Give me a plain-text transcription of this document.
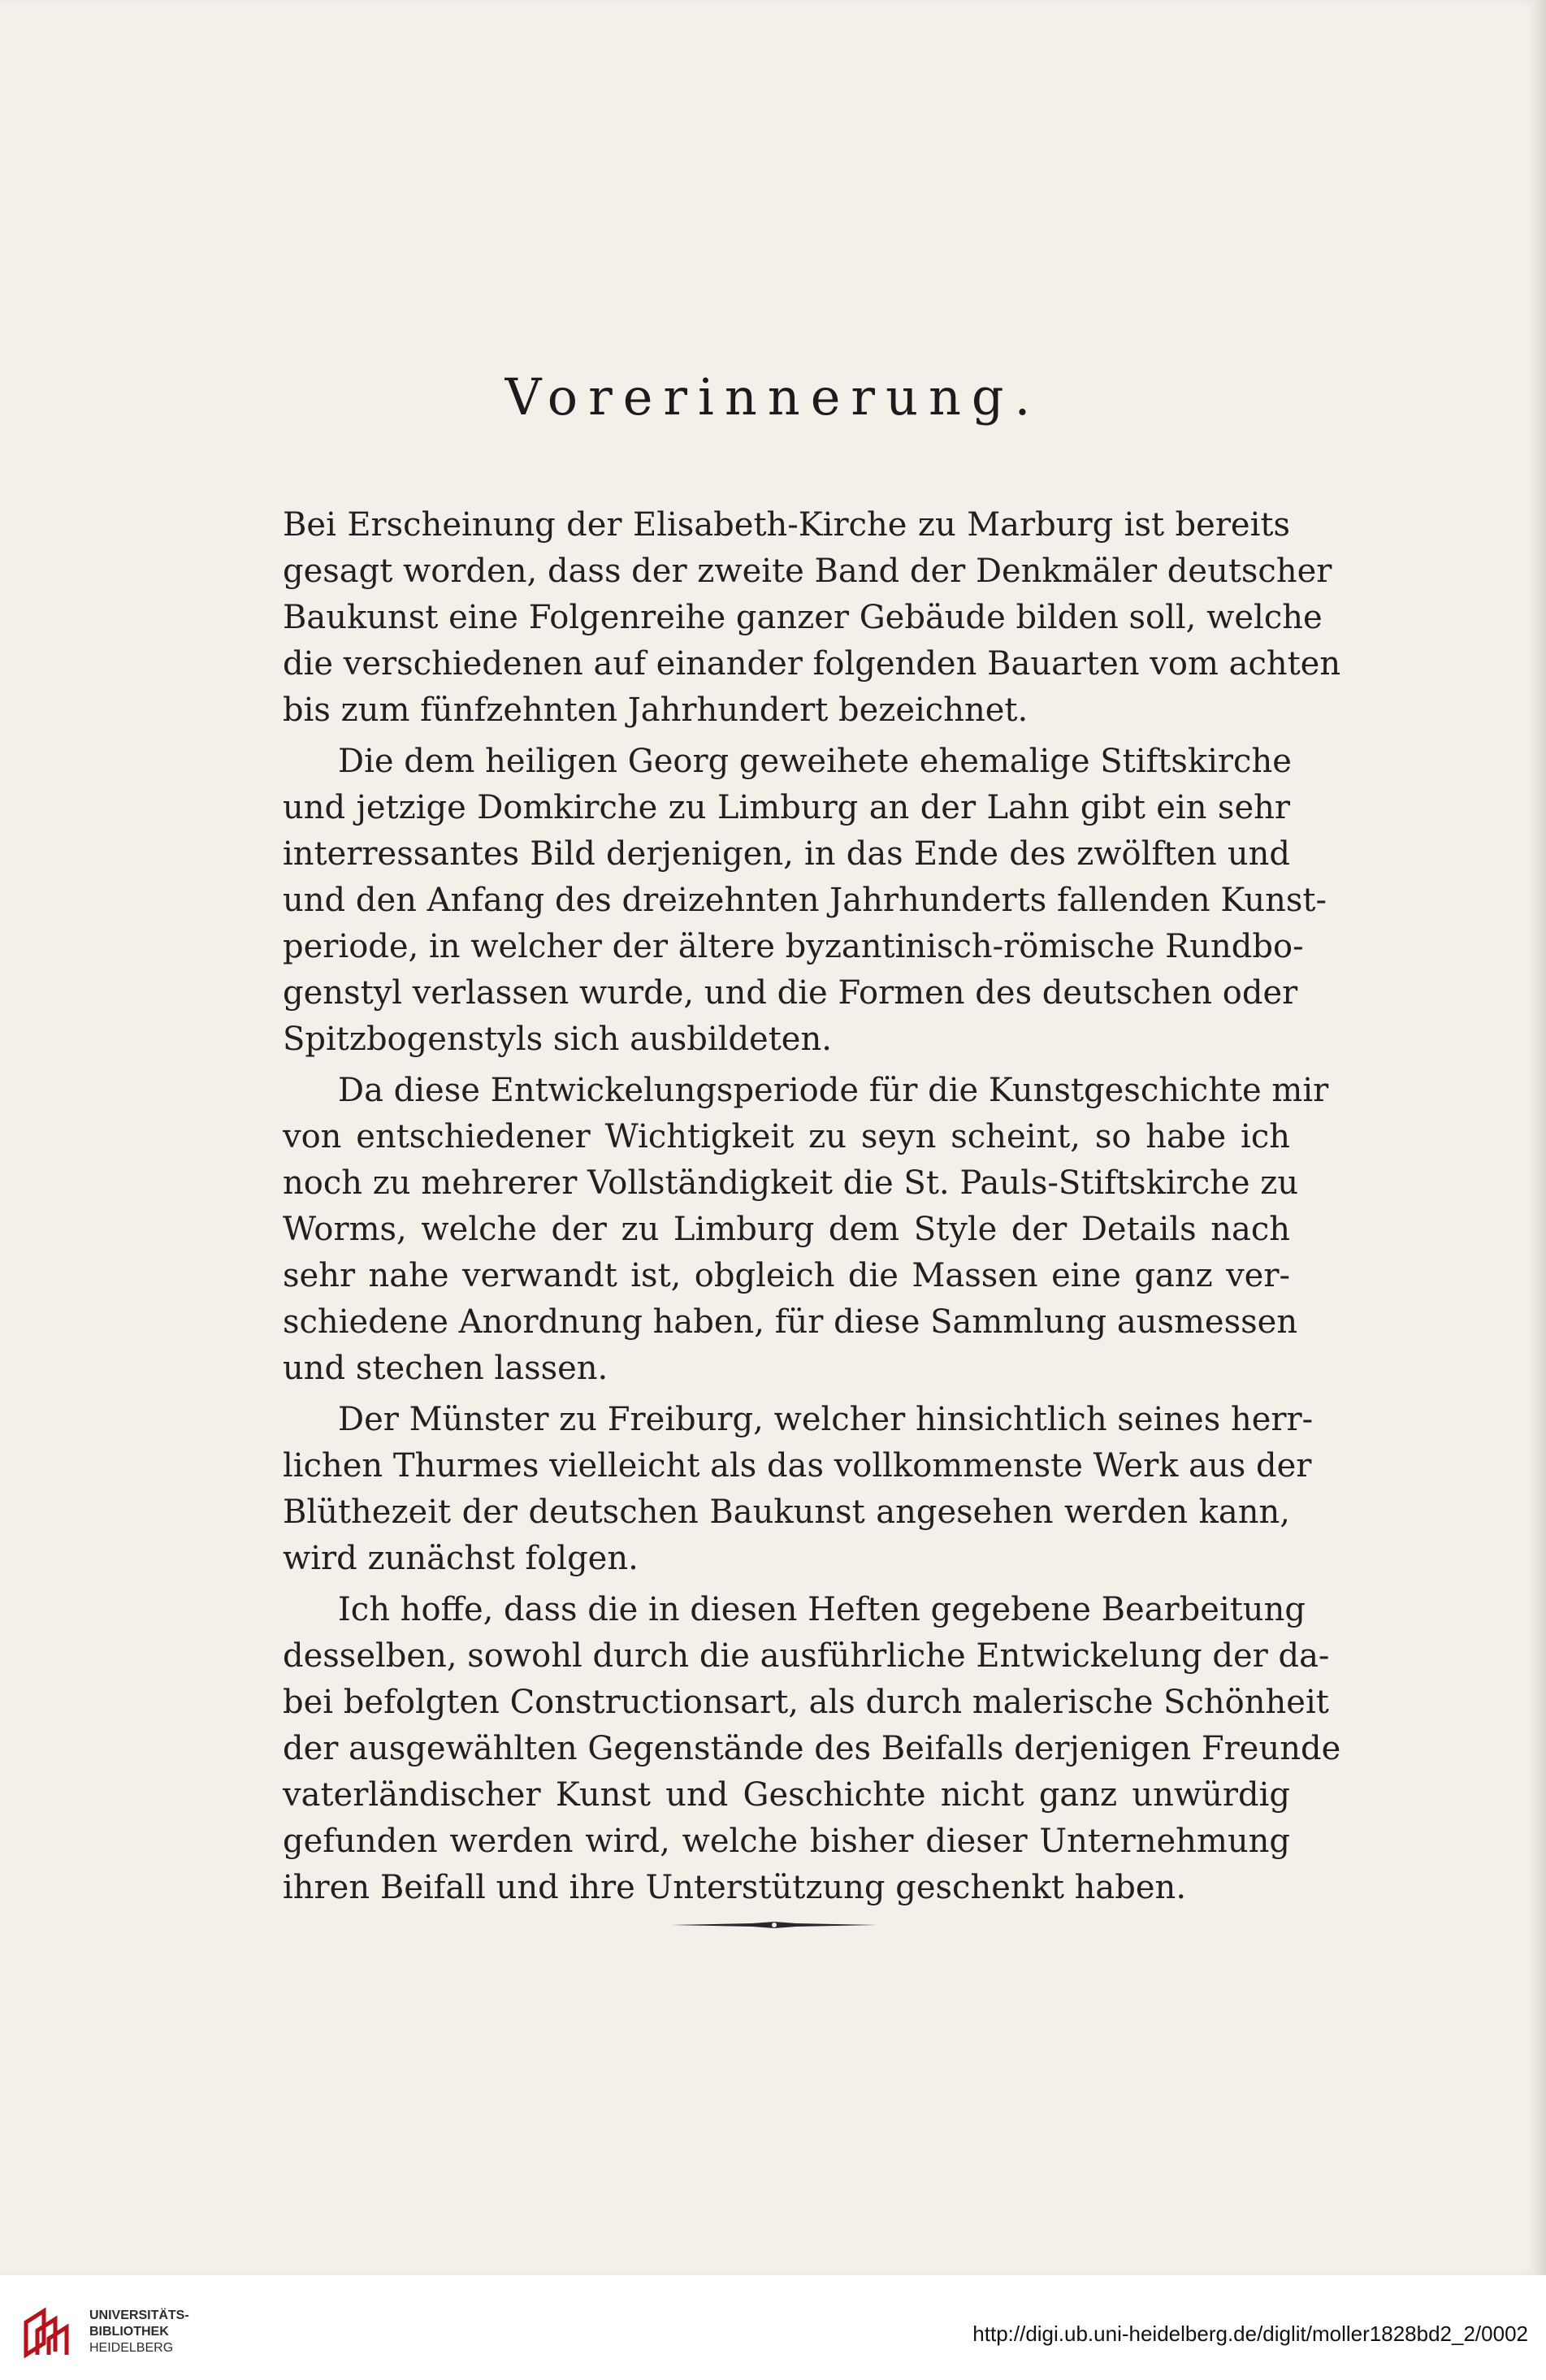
Vorerinnerung.
Bei Erscheinung der Elisabeth-Kirche zu Marburg ist bereits
gesagt worden, dass der zweite Band der Denkmäler deutscher
Baukunst eine Folgenreihe ganzer Gebäude bilden soll, welche
die verschiedenen auf einander folgenden Bauarten vom achten
bis zum fünfzehnten Jahrhundert bezeichnet.
Die dem heiligen Georg geweihete ehemalige Stiftskirche
und jetzige Domkirche zu Limburg an der Lahn gibt ein sehr
interressantes Bild derjenigen, in das Ende des zwölften und
und den Anfang des dreizehnten Jahrhunderts fallenden Kunst-
periode, in welcher der ältere byzantinisch-römische Rundbo-
genstyl verlassen wurde, und die Formen des deutschen oder
Spitzbogenstyls sich ausbildeten.
Da diese Entwickelungsperiode für die Kunstgeschichte mir
von entschiedener Wichtigkeit zu seyn scheint, so habe ich
noch zu mehrerer Vollständigkeit die St. Pauls-Stiftskirche zu
Worms, welche der zu Limburg dem Style der Details nach
sehr nahe verwandt ist, obgleich die Massen eine ganz ver-
schiedene Anordnung haben, für diese Sammlung ausmessen
und stechen lassen.
Der Münster zu Freiburg, welcher hinsichtlich seines herr-
lichen Thurmes vielleicht als das vollkommenste Werk aus der
Blüthezeit der deutschen Baukunst angesehen werden kann,
wird zunächst folgen.
Ich hoffe, dass die in diesen Heften gegebene Bearbeitung
desselben, sowohl durch die ausführliche Entwickelung der da-
bei befolgten Constructionsart, als durch malerische Schönheit
der ausgewählten Gegenstände des Beifalls derjenigen Freunde
vaterländischer Kunst und Geschichte nicht ganz unwürdig
gefunden werden wird, welche bisher dieser Unternehmung
ihren Beifall und ihre Unterstützung geschenkt haben.
UNIVERSITÄTS-
BIBLIOTHEK
HEIDELBERG
http://digi.ub.uni-heidelberg.de/diglit/moller1828bd2_2/0002
